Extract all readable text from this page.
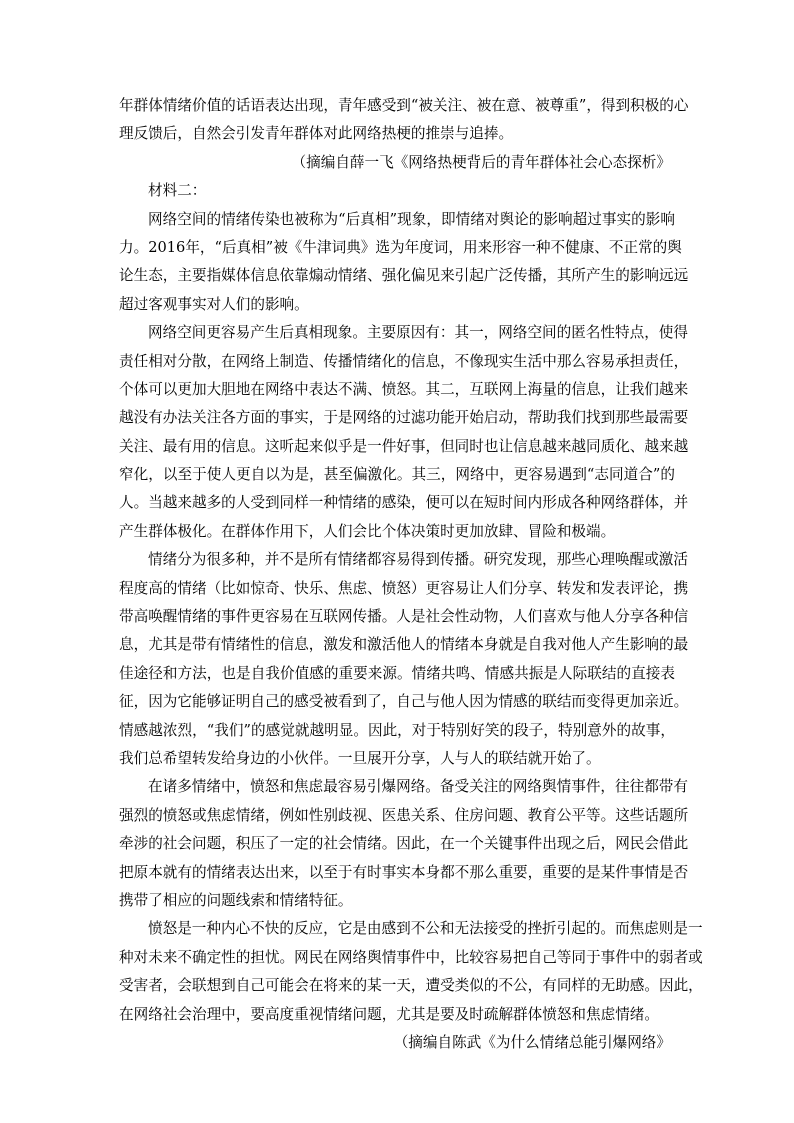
年群体情绪价值的话语表达出现，青年感受到“被关注、被在意、被尊重”，得到积极的心
理反馈后，自然会引发青年群体对此网络热梗的推崇与追捧。
（摘编自薛一飞《网络热梗背后的青年群体社会心态探析》
材料二：
网络空间的情绪传染也被称为“后真相”现象，即情绪对舆论的影响超过事实的影响
力。2016年，“后真相”被《牛津词典》选为年度词，用来形容一种不健康、不正常的舆
论生态，主要指媒体信息依靠煽动情绪、强化偏见来引起广泛传播，其所产生的影响远远
超过客观事实对人们的影响。
网络空间更容易产生后真相现象。主要原因有：其一，网络空间的匿名性特点，使得
责任相对分散，在网络上制造、传播情绪化的信息，不像现实生活中那么容易承担责任，
个体可以更加大胆地在网络中表达不满、愤怒。其二，互联网上海量的信息，让我们越来
越没有办法关注各方面的事实，于是网络的过滤功能开始启动，帮助我们找到那些最需要
关注、最有用的信息。这听起来似乎是一件好事，但同时也让信息越来越同质化、越来越
窄化，以至于使人更自以为是，甚至偏激化。其三，网络中，更容易遇到“志同道合”的
人。当越来越多的人受到同样一种情绪的感染，便可以在短时间内形成各种网络群体，并
产生群体极化。在群体作用下，人们会比个体决策时更加放肆、冒险和极端。
情绪分为很多种，并不是所有情绪都容易得到传播。研究发现，那些心理唤醒或激活
程度高的情绪（比如惊奇、快乐、焦虑、愤怒）更容易让人们分享、转发和发表评论，携
带高唤醒情绪的事件更容易在互联网传播。人是社会性动物，人们喜欢与他人分享各种信
息，尤其是带有情绪性的信息，激发和激活他人的情绪本身就是自我对他人产生影响的最
佳途径和方法，也是自我价值感的重要来源。情绪共鸣、情感共振是人际联结的直接表
征，因为它能够证明自己的感受被看到了，自己与他人因为情感的联结而变得更加亲近。
情感越浓烈，“我们”的感觉就越明显。因此，对于特别好笑的段子，特别意外的故事，
我们总希望转发给身边的小伙伴。一旦展开分享，人与人的联结就开始了。
在诸多情绪中，愤怒和焦虑最容易引爆网络。备受关注的网络舆情事件，往往都带有
强烈的愤怒或焦虑情绪，例如性别歧视、医患关系、住房问题、教育公平等。这些话题所
牵涉的社会问题，积压了一定的社会情绪。因此，在一个关键事件出现之后，网民会借此
把原本就有的情绪表达出来，以至于有时事实本身都不那么重要，重要的是某件事情是否
携带了相应的问题线索和情绪特征。
愤怒是一种内心不快的反应，它是由感到不公和无法接受的挫折引起的。而焦虑则是一
种对未来不确定性的担忧。网民在网络舆情事件中，比较容易把自己等同于事件中的弱者或
受害者，会联想到自己可能会在将来的某一天，遭受类似的不公，有同样的无助感。因此，
在网络社会治理中，要高度重视情绪问题，尤其是要及时疏解群体愤怒和焦虑情绪。
（摘编自陈武《为什么情绪总能引爆网络》
